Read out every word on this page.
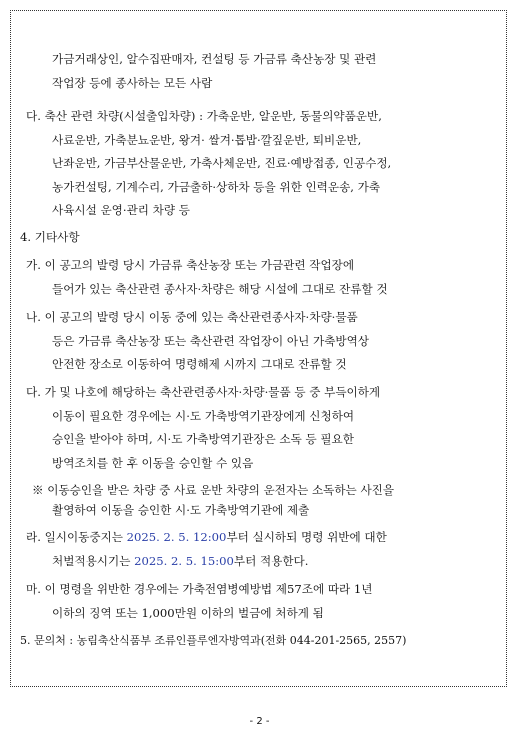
가금거래상인, 알수집판매자, 컨설팅 등 가금류 축산농장 및 관련
작업장 등에 종사하는 모든 사람
다. 축산 관련 차량(시설출입차량) : 가축운반, 알운반, 동물의약품운반,
사료운반, 가축분뇨운반, 왕겨· 쌀겨·톱밥·깔짚운반, 퇴비운반,
난좌운반, 가금부산물운반, 가축사체운반, 진료·예방접종, 인공수정,
농가컨설팅, 기계수리, 가금출하·상하차 등을 위한 인력운송, 가축
사육시설 운영·관리 차량 등
4. 기타사항
가. 이 공고의 발령 당시 가금류 축산농장 또는 가금관련 작업장에
들어가 있는 축산관련 종사자·차량은 해당 시설에 그대로 잔류할 것
나. 이 공고의 발령 당시 이동 중에 있는 축산관련종사자·차량·물품
등은 가금류 축산농장 또는 축산관련 작업장이 아닌 가축방역상
안전한 장소로 이동하여 명령해제 시까지 그대로 잔류할 것
다. 가 및 나호에 해당하는 축산관련종사자·차량·물품 등 중 부득이하게
이동이 필요한 경우에는 시·도 가축방역기관장에게 신청하여
승인을 받아야 하며, 시·도 가축방역기관장은 소독 등 필요한
방역조치를 한 후 이동을 승인할 수 있음
※ 이동승인을 받은 차량 중 사료 운반 차량의 운전자는 소독하는 사진을
촬영하여 이동을 승인한 시·도 가축방역기관에 제출
라. 일시이동중지는 2025. 2. 5. 12:00부터 실시하되 명령 위반에 대한
처벌적용시기는 2025. 2. 5. 15:00부터 적용한다.
마. 이 명령을 위반한 경우에는 가축전염병예방법 제57조에 따라 1년
이하의 징역 또는 1,000만원 이하의 벌금에 처하게 됨
5. 문의처 : 농림축산식품부 조류인플루엔자방역과(전화 044-201-2565, 2557)
- 2 -
